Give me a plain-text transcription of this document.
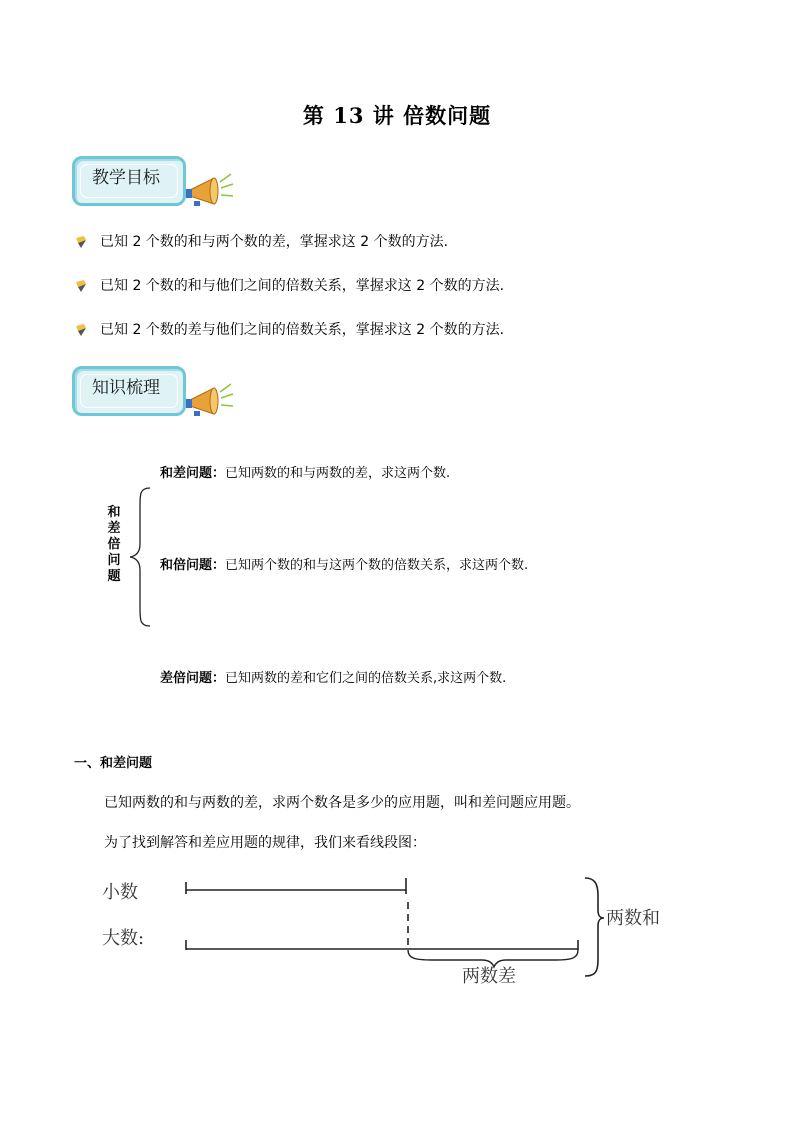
第 13 讲 倍数问题
教学目标
已知 2 个数的和与两个数的差，掌握求这 2 个数的方法.
已知 2 个数的和与他们之间的倍数关系，掌握求这 2 个数的方法.
已知 2 个数的差与他们之间的倍数关系，掌握求这 2 个数的方法.
知识梳理
和
差
倍
问
题
和差问题：已知两数的和与两数的差，求这两个数.
和倍问题：已知两个数的和与这两个数的倍数关系，求这两个数.
差倍问题：已知两数的差和它们之间的倍数关系,求这两个数.
一、和差问题
已知两数的和与两数的差，求两个数各是多少的应用题，叫和差问题应用题。
为了找到解答和差应用题的规律，我们来看线段图：
小数
大数:
两数和
两数差
